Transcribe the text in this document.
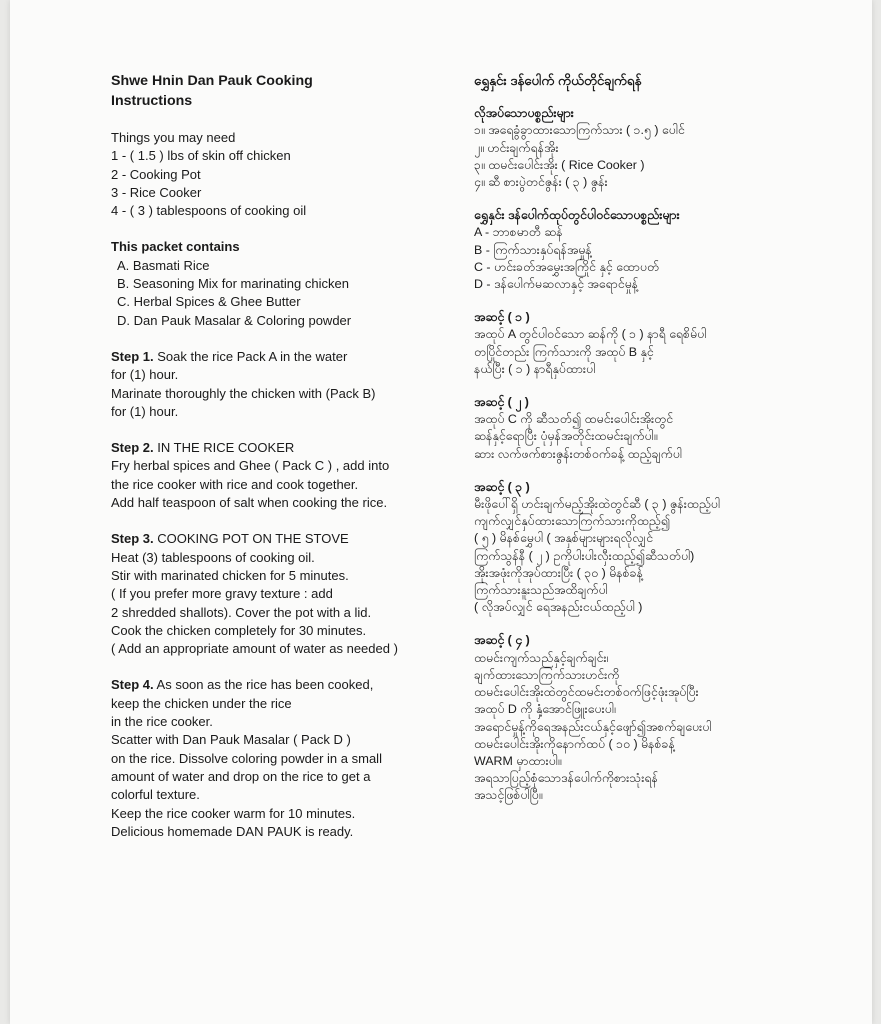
Shwe Hnin Dan Pauk Cooking
Instructions
Things you may need
1 - ( 1.5 ) lbs of skin off chicken
2 - Cooking Pot
3 - Rice Cooker
4 - ( 3 ) tablespoons of cooking oil
This packet contains
A. Basmati Rice
B. Seasoning Mix for marinating chicken
C. Herbal Spices & Ghee Butter
D. Dan Pauk Masalar & Coloring powder
Step 1. Soak the rice Pack A in the water
for (1) hour.
Marinate thoroughly the chicken with (Pack B)
for (1) hour.
Step 2. IN THE RICE COOKER
Fry herbal spices and Ghee ( Pack C ) , add into
the rice cooker with rice and cook together.
Add half teaspoon of salt when cooking the rice.
Step 3. COOKING POT ON THE STOVE
Heat (3) tablespoons of cooking oil.
Stir with marinated chicken for 5 minutes.
( If you prefer more gravy texture : add
2 shredded shallots). Cover the pot with a lid.
Cook the chicken completely for 30 minutes.
( Add an appropriate amount of water as needed )
Step 4. As soon as the rice has been cooked,
keep the chicken under the rice
in the rice cooker.
Scatter with Dan Pauk Masalar ( Pack D )
on the rice. Dissolve coloring powder in a small
amount of water and drop on the rice to get a
colorful texture.
Keep the rice cooker warm for 10 minutes.
Delicious homemade DAN PAUK is ready.
ရွှေနှင်း ဒန်ပေါက် ကိုယ်တိုင်ချက်ရန်
လိုအပ်သောပစ္စည်းများ
၁။ အရေခွံခွာထားသောကြက်သား ( ၁.၅ ) ပေါင်
၂။ ဟင်းချက်ရန်အိုး
၃။ ထမင်းပေါင်းအိုး ( Rice Cooker )
၄။ ဆီ စားပွဲတင်ဇွန်း ( ၃ ) ဇွန်း
ရွှေနှင်း ဒန်ပေါက်ထုပ်တွင်ပါဝင်သောပစ္စည်းများ
A - ဘာစမာတီ ဆန်
B - ကြက်သားနှပ်ရန်အမှုန့်
C - ဟင်းခတ်အမွှေးအကြိုင် နှင့် ထောပတ်
D - ဒန်ပေါက်မဆလာနှင့် အရောင်မှုန့်
အဆင့် ( ၁ )
အထုပ် A တွင်ပါဝင်သော ဆန်ကို ( ၁ ) နာရီ ရေစိမ်ပါ
တပြိုင်တည်း ကြက်သားကို အထုပ် B နှင့်
နယ်ပြီး ( ၁ ) နာရီနှပ်ထားပါ
အဆင့် ( ၂ )
အထုပ် C ကို ဆီသတ်၍ ထမင်းပေါင်းအိုးတွင်
ဆန်နှင့်ရောပြီး ပုံမှန်အတိုင်းထမင်းချက်ပါ။
ဆား လက်ဖက်စားဇွန်းတစ်ဝက်ခန့် ထည့်ချက်ပါ
အဆင့် ( ၃ )
မီးဖိုပေါ်ရှိ ဟင်းချက်မည့်အိုးထဲတွင်ဆီ ( ၃ ) ဇွန်းထည့်ပါ
ကျက်လျှင်နှပ်ထားသောကြက်သားကိုထည့်၍
( ၅ ) မိနစ်မွှေပါ ( အနှစ်များများရလိုလျှင်
ကြက်သွန်နီ ( ၂ ) ဥကိုပါးပါးလှီးထည့်၍ဆီသတ်ပါ)
အိုးအဖုံးကိုအုပ်ထားပြီး ( ၃၀ ) မိနစ်ခန့်
ကြက်သားနူးသည်အထိချက်ပါ
( လိုအပ်လျှင် ရေအနည်းငယ်ထည့်ပါ )
အဆင့် ( ၄ )
ထမင်းကျက်သည်နှင့်ချက်ချင်း၊
ချက်ထားသောကြက်သားဟင်းကို
ထမင်းပေါင်းအိုးထဲတွင်ထမင်းတစ်ဝက်ဖြင့်ဖုံးအုပ်ပြီး
အထုပ် D ကို နှံ့အောင်ဖြူးပေးပါ၊
အရောင်မှုန့်ကိုရေအနည်းငယ်နှင့်ဖျော်၍အစက်ချပေးပါ
ထမင်းပေါင်းအိုးကိုနောက်ထပ် ( ၁၀ ) မိနစ်ခန့်
WARM မှာထားပါ။
အရသာပြည့်စုံသောဒန်ပေါက်ကိုစားသုံးရန်
အသင့်ဖြစ်ပါပြီ။
